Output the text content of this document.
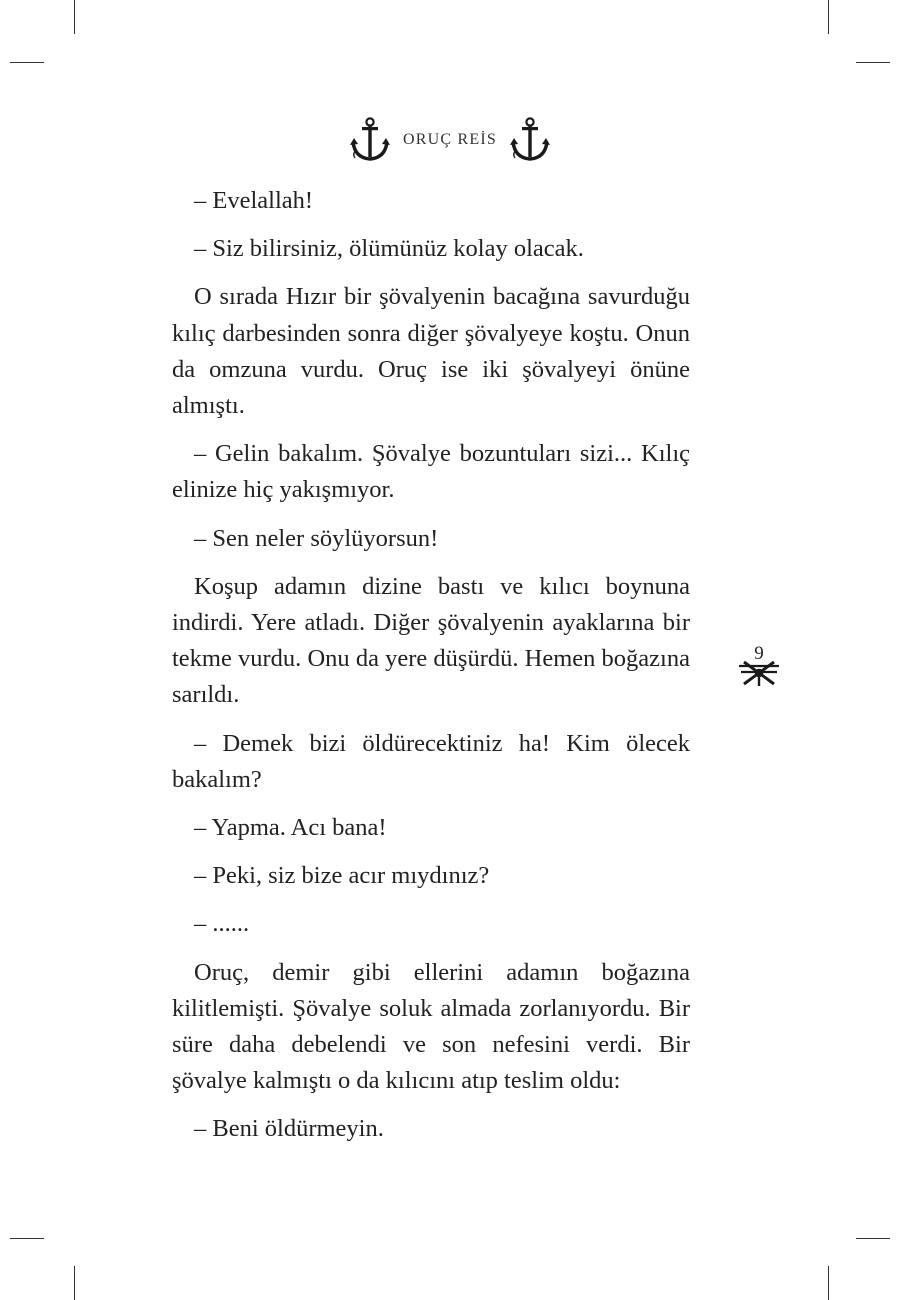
ORUÇ REİS

– Evelallah!

– Siz bilirsiniz, ölümünüz kolay olacak.

O sırada Hızır bir şövalyenin bacağına savurduğu kılıç darbesinden sonra diğer şövalyeye koştu. Onun da omzuna vurdu. Oruç ise iki şövalyeyi önüne almıştı.

– Gelin bakalım. Şövalye bozuntuları sizi... Kılıç elinize hiç yakışmıyor.

– Sen neler söylüyorsun!

Koşup adamın dizine bastı ve kılıcı boynuna indirdi. Yere atladı. Diğer şövalyenin ayaklarına bir tekme vurdu. Onu da yere düşürdü. Hemen boğazına sarıldı.

– Demek bizi öldürecektiniz ha! Kim ölecek bakalım?

– Yapma. Acı bana!

– Peki, siz bize acır mıydınız?

– ......

Oruç, demir gibi ellerini adamın boğazına kilitlemişti. Şövalye soluk almada zorlanıyordu. Bir süre daha debelendi ve son nefesini verdi. Bir şövalye kalmıştı o da kılıcını atıp teslim oldu:

– Beni öldürmeyin.

9
